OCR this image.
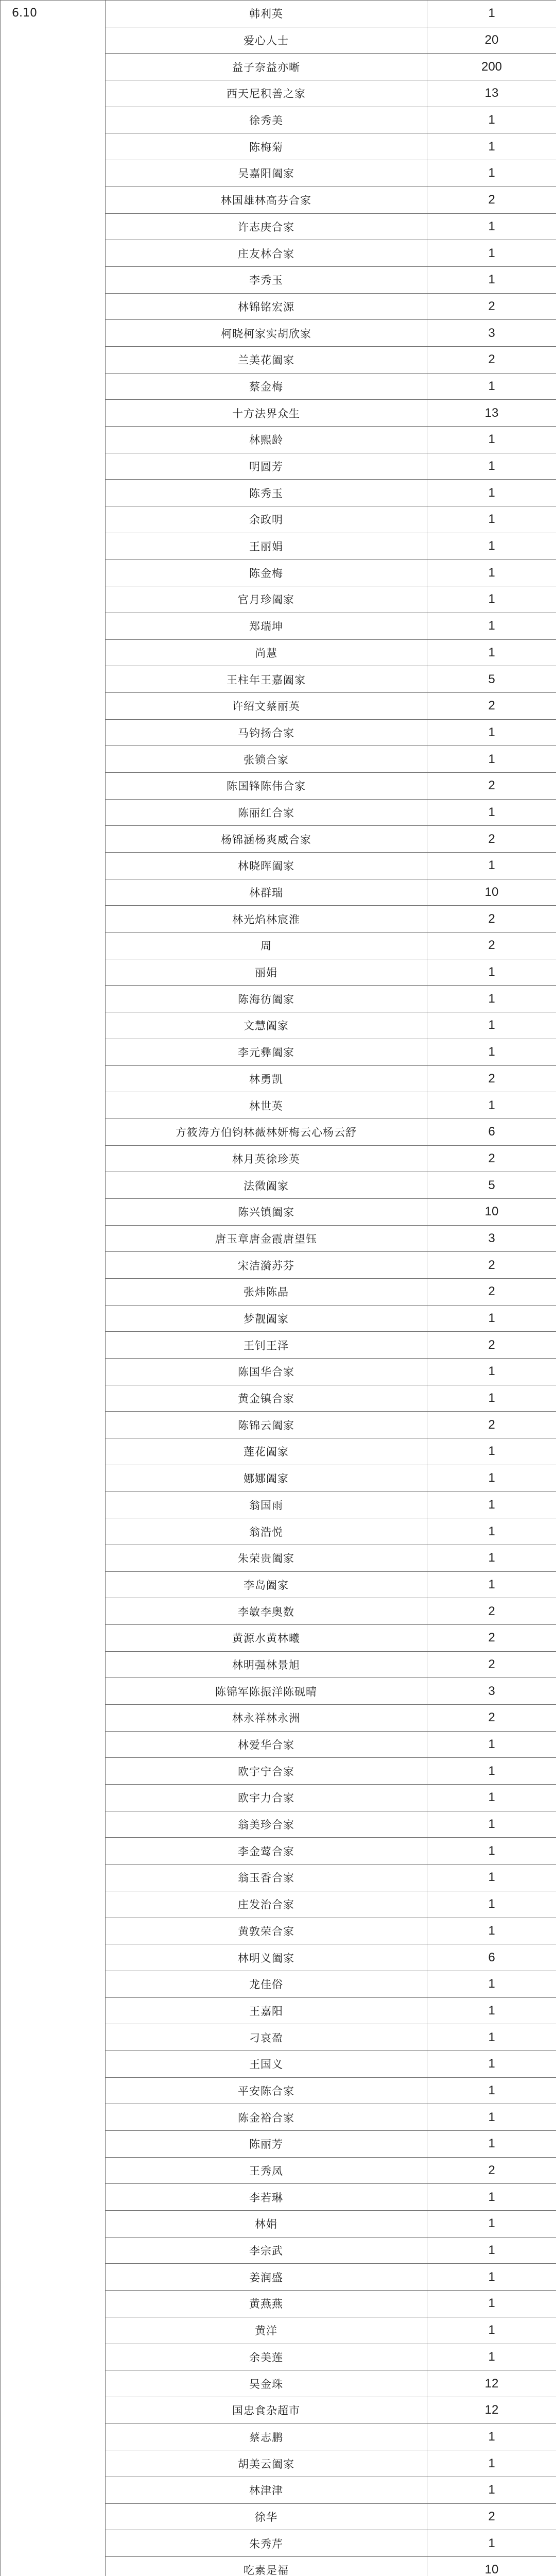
6.10	韩利英	1
	爱心人士	20
	益子奈益亦晰	200
	西天尼积善之家	13
	徐秀美	1
	陈梅菊	1
	吴嘉阳阖家	1
	林国雄林高芬合家	2
	许志庚合家	1
	庄友林合家	1
	李秀玉	1
	林锦铭宏源	2
	柯晓柯家实胡欣家	3
	兰美花阖家	2
	蔡金梅	1
	十方法界众生	13
	林熙龄	1
	明圆芳	1
	陈秀玉	1
	余政明	1
	王丽娟	1
	陈金梅	1
	官月珍阖家	1
	郑瑞坤	1
	尚慧	1
	王柱年王嘉阖家	5
	许绍文蔡丽英	2
	马钧扬合家	1
	张锁合家	1
	陈国锋陈伟合家	2
	陈丽红合家	1
	杨锦涵杨爽威合家	2
	林晓晖阖家	1
	林群瑞	10
	林光焰林宸淮	2
	周	2
	丽娟	1
	陈海彷阖家	1
	文慧阖家	1
	李元彝阖家	1
	林勇凯	2
	林世英	1
	方筱涛方伯钧林薇林妍梅云心杨云舒	6
	林月英徐珍英	2
	法徵阖家	5
	陈兴镇阖家	10
	唐玉章唐金霞唐望钰	3
	宋洁漪苏芬	2
	张炜陈晶	2
	梦靓阖家	1
	王钊王泽	2
	陈国华合家	1
	黄金镇合家	1
	陈锦云阖家	2
	莲花阖家	1
	娜娜阖家	1
	翁国雨	1
	翁浩悦	1
	朱荣贵阖家	1
	李岛阖家	1
	李敏李奥数	2
	黄源水黄林曦	2
	林明强林景旭	2
	陈锦军陈振洋陈砚晴	3
	林永祥林永洲	2
	林爱华合家	1
	欧宇宁合家	1
	欧宇力合家	1
	翁美珍合家	1
	李金莺合家	1
	翁玉香合家	1
	庄发治合家	1
	黄敦荣合家	1
	林明义阖家	6
	龙佳俗	1
	王嘉阳	1
	刁哀盈	1
	王国义	1
	平安陈合家	1
	陈金裕合家	1
	陈丽芳	1
	王秀凤	2
	李若琳	1
	林娟	1
	李宗武	1
	姜润盛	1
	黄燕燕	1
	黄洋	1
	余美莲	1
	吴金珠	12
	国忠食杂超市	12
	蔡志鹏	1
	胡美云阖家	1
	林津津	1
	徐华	2
	朱秀芹	1
	吃素是福	10
